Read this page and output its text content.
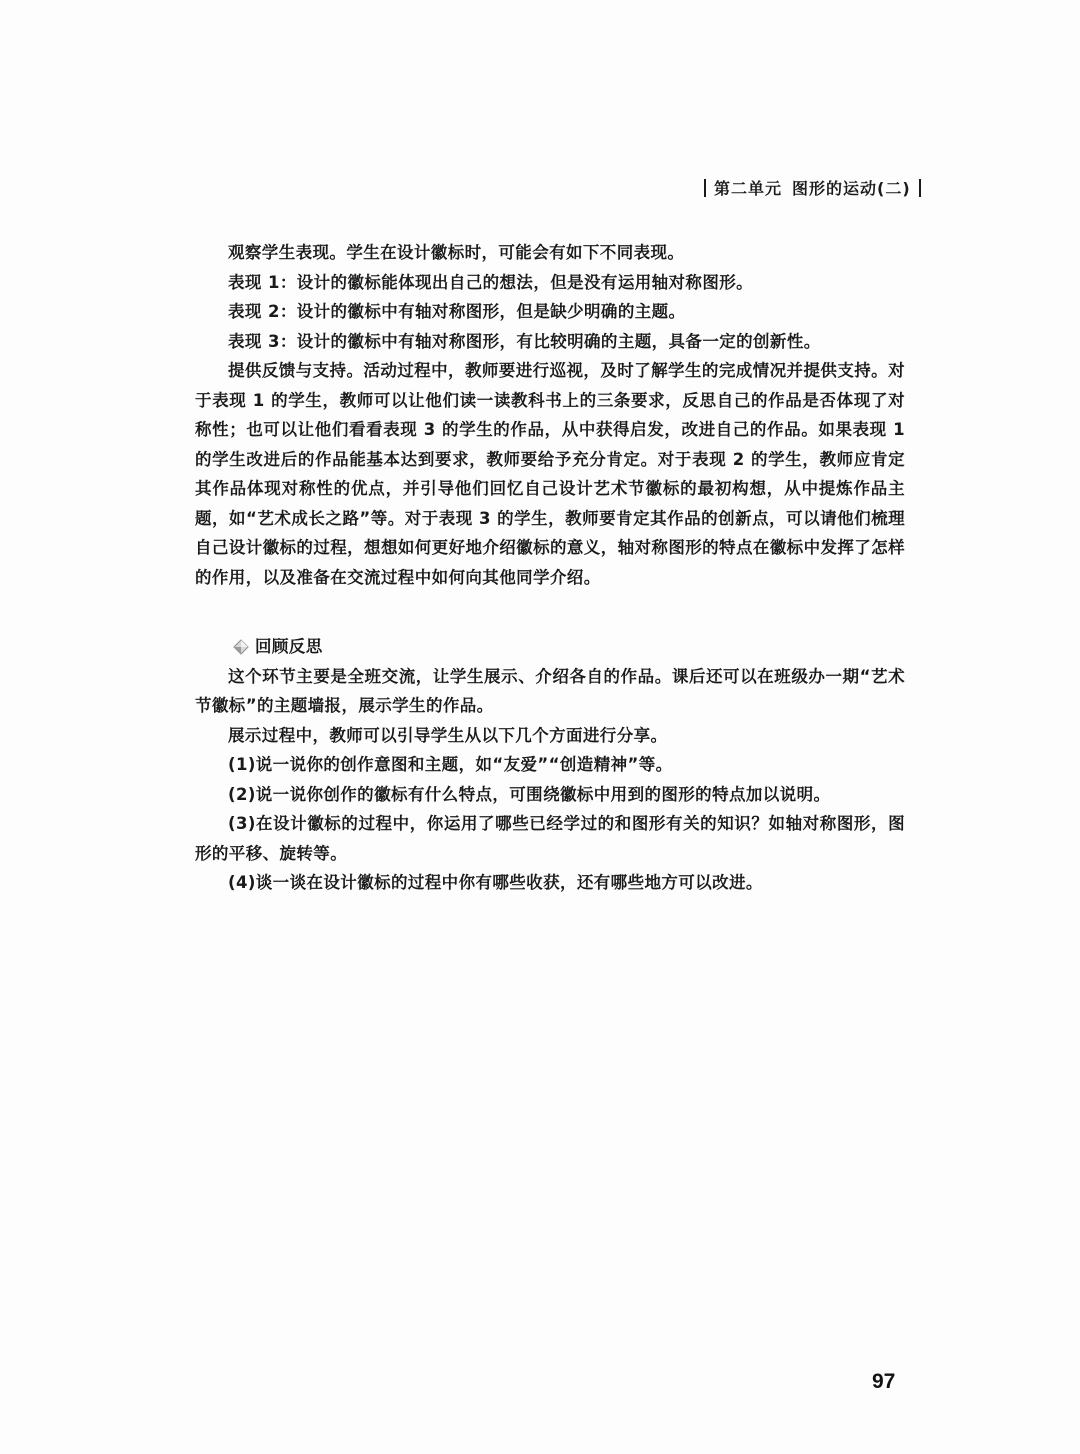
第二单元 图形的运动(二)

观察学生表现。学生在设计徽标时，可能会有如下不同表现。

表现 1：设计的徽标能体现出自己的想法，但是没有运用轴对称图形。

表现 2：设计的徽标中有轴对称图形，但是缺少明确的主题。

表现 3：设计的徽标中有轴对称图形，有比较明确的主题，具备一定的创新性。

提供反馈与支持。活动过程中，教师要进行巡视，及时了解学生的完成情况并提供支持。对于表现 1 的学生，教师可以让他们读一读教科书上的三条要求，反思自己的作品是否体现了对称性；也可以让他们看看表现 3 的学生的作品，从中获得启发，改进自己的作品。如果表现 1 的学生改进后的作品能基本达到要求，教师要给予充分肯定。对于表现 2 的学生，教师应肯定其作品体现对称性的优点，并引导他们回忆自己设计艺术节徽标的最初构想，从中提炼作品主题，如“艺术成长之路”等。对于表现 3 的学生，教师要肯定其作品的创新点，可以请他们梳理自己设计徽标的过程，想想如何更好地介绍徽标的意义，轴对称图形的特点在徽标中发挥了怎样的作用，以及准备在交流过程中如何向其他同学介绍。

回顾反思

这个环节主要是全班交流，让学生展示、介绍各自的作品。课后还可以在班级办一期“艺术节徽标”的主题墙报，展示学生的作品。

展示过程中，教师可以引导学生从以下几个方面进行分享。

(1)说一说你的创作意图和主题，如“友爱”“创造精神”等。

(2)说一说你创作的徽标有什么特点，可围绕徽标中用到的图形的特点加以说明。

(3)在设计徽标的过程中，你运用了哪些已经学过的和图形有关的知识？如轴对称图形，图形的平移、旋转等。

(4)谈一谈在设计徽标的过程中你有哪些收获，还有哪些地方可以改进。

97
